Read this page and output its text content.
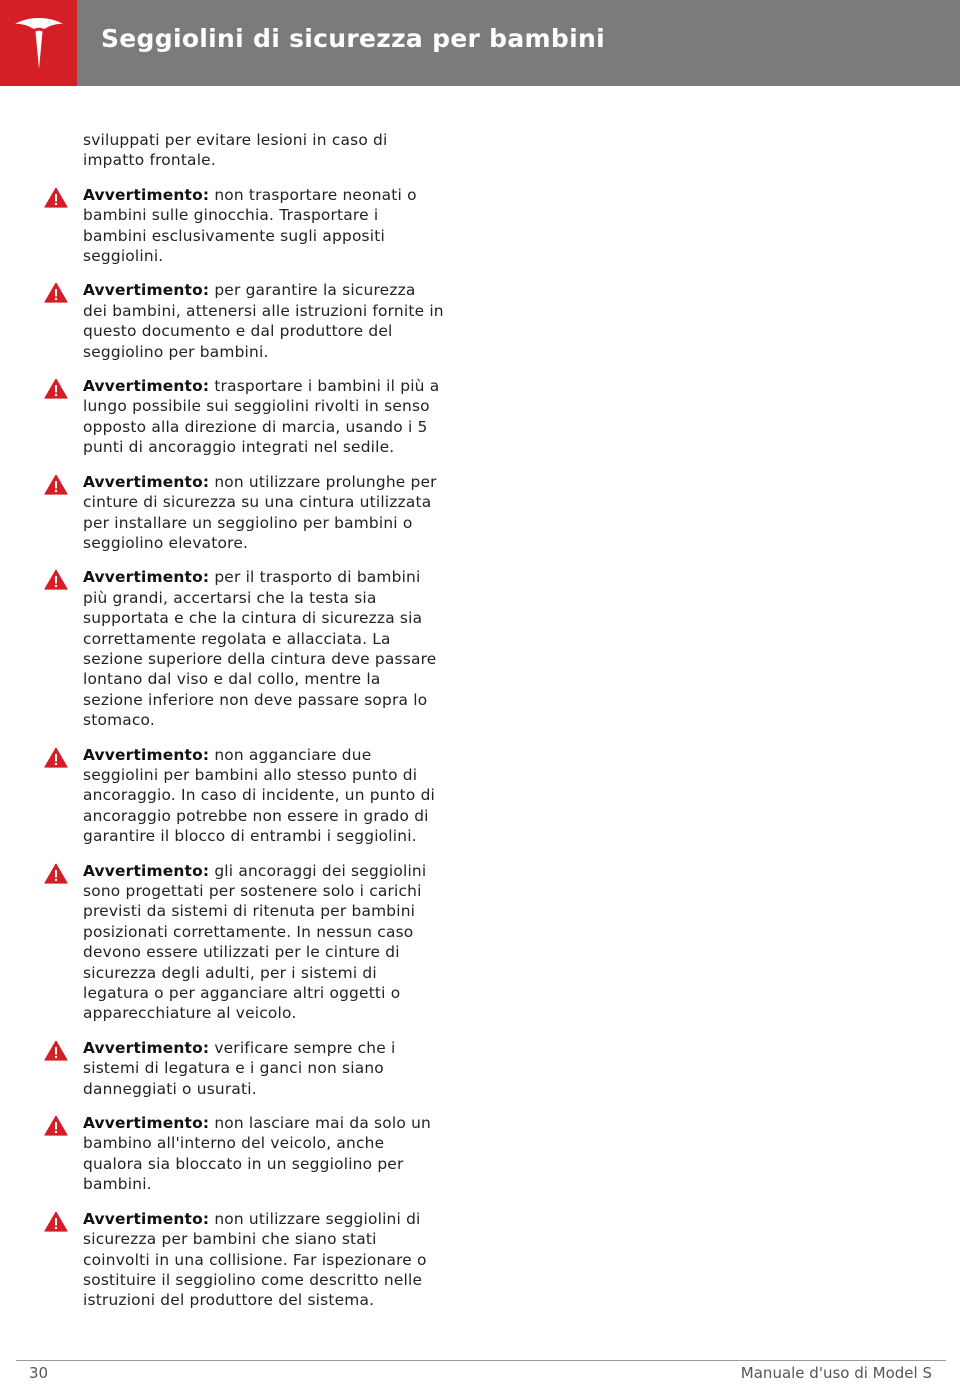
Seggiolini di sicurezza per bambini

sviluppati per evitare lesioni in caso di impatto frontale.

Avvertimento: non trasportare neonati o bambini sulle ginocchia. Trasportare i bambini esclusivamente sugli appositi seggiolini.
Avvertimento: per garantire la sicurezza dei bambini, attenersi alle istruzioni fornite in questo documento e dal produttore del seggiolino per bambini.
Avvertimento: trasportare i bambini il più a lungo possibile sui seggiolini rivolti in senso opposto alla direzione di marcia, usando i 5 punti di ancoraggio integrati nel sedile.
Avvertimento: non utilizzare prolunghe per cinture di sicurezza su una cintura utilizzata per installare un seggiolino per bambini o seggiolino elevatore.
Avvertimento: per il trasporto di bambini più grandi, accertarsi che la testa sia supportata e che la cintura di sicurezza sia correttamente regolata e allacciata. La sezione superiore della cintura deve passare lontano dal viso e dal collo, mentre la sezione inferiore non deve passare sopra lo stomaco.
Avvertimento: non agganciare due seggiolini per bambini allo stesso punto di ancoraggio. In caso di incidente, un punto di ancoraggio potrebbe non essere in grado di garantire il blocco di entrambi i seggiolini.
Avvertimento: gli ancoraggi dei seggiolini sono progettati per sostenere solo i carichi previsti da sistemi di ritenuta per bambini posizionati correttamente. In nessun caso devono essere utilizzati per le cinture di sicurezza degli adulti, per i sistemi di legatura o per agganciare altri oggetti o apparecchiature al veicolo.
Avvertimento: verificare sempre che i sistemi di legatura e i ganci non siano danneggiati o usurati.
Avvertimento: non lasciare mai da solo un bambino all'interno del veicolo, anche qualora sia bloccato in un seggiolino per bambini.
Avvertimento: non utilizzare seggiolini di sicurezza per bambini che siano stati coinvolti in una collisione. Far ispezionare o sostituire il seggiolino come descritto nelle istruzioni del produttore del sistema.
30	Manuale d'uso di Model S
